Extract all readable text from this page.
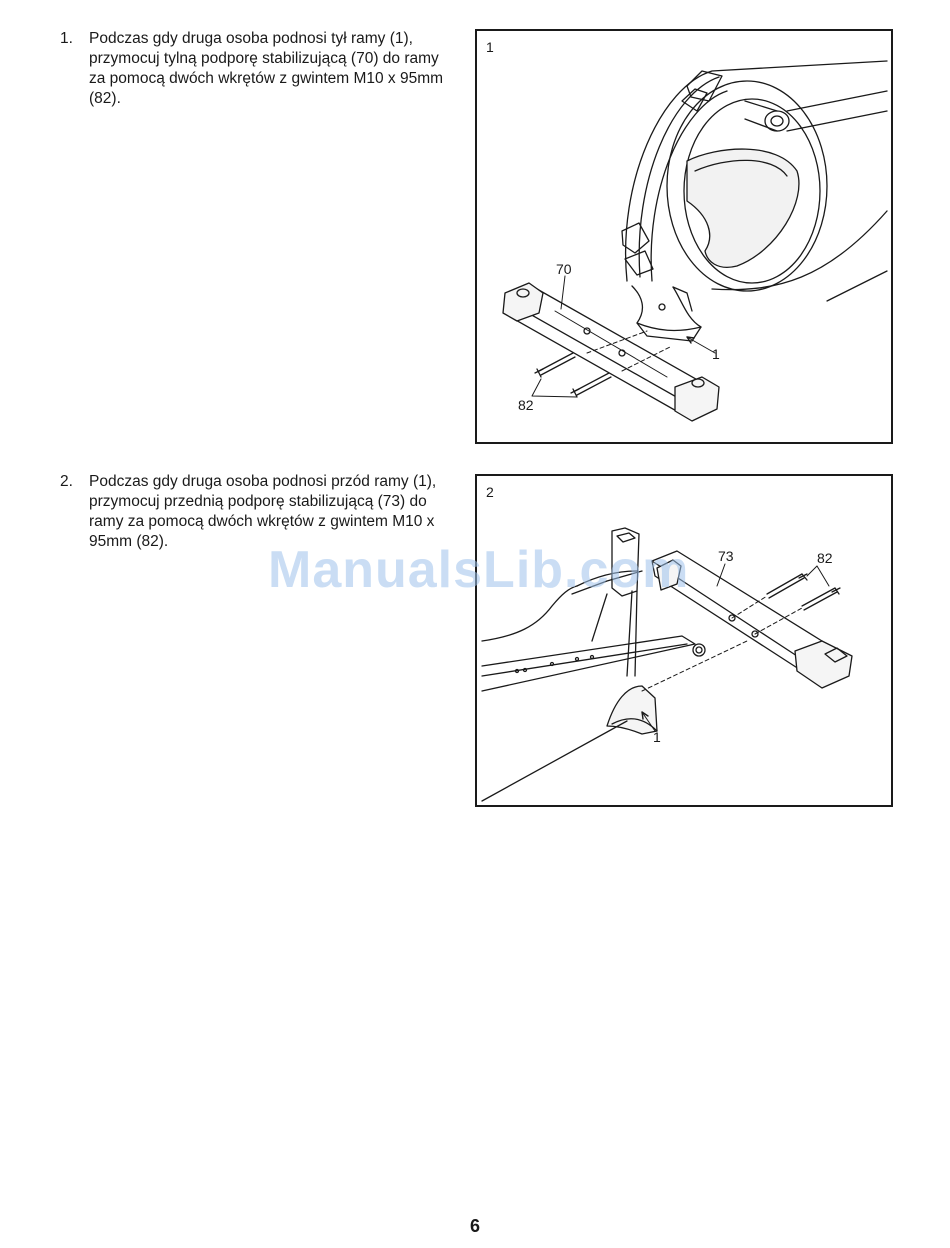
1. Podczas gdy druga osoba podnosi tył ramy (1), przymocuj tylną podporę stabilizującą (70) do ramy za pomocą dwóch wkrętów z gwintem M10 x 95mm (82).
1
70
1
82
2. Podczas gdy druga osoba podnosi przód ramy (1), przymocuj przednią podporę stabilizującą (73) do ramy za pomocą dwóch wkrętów z gwintem M10 x 95mm (82).
2
73	82
1
ManualsLib.com
6
